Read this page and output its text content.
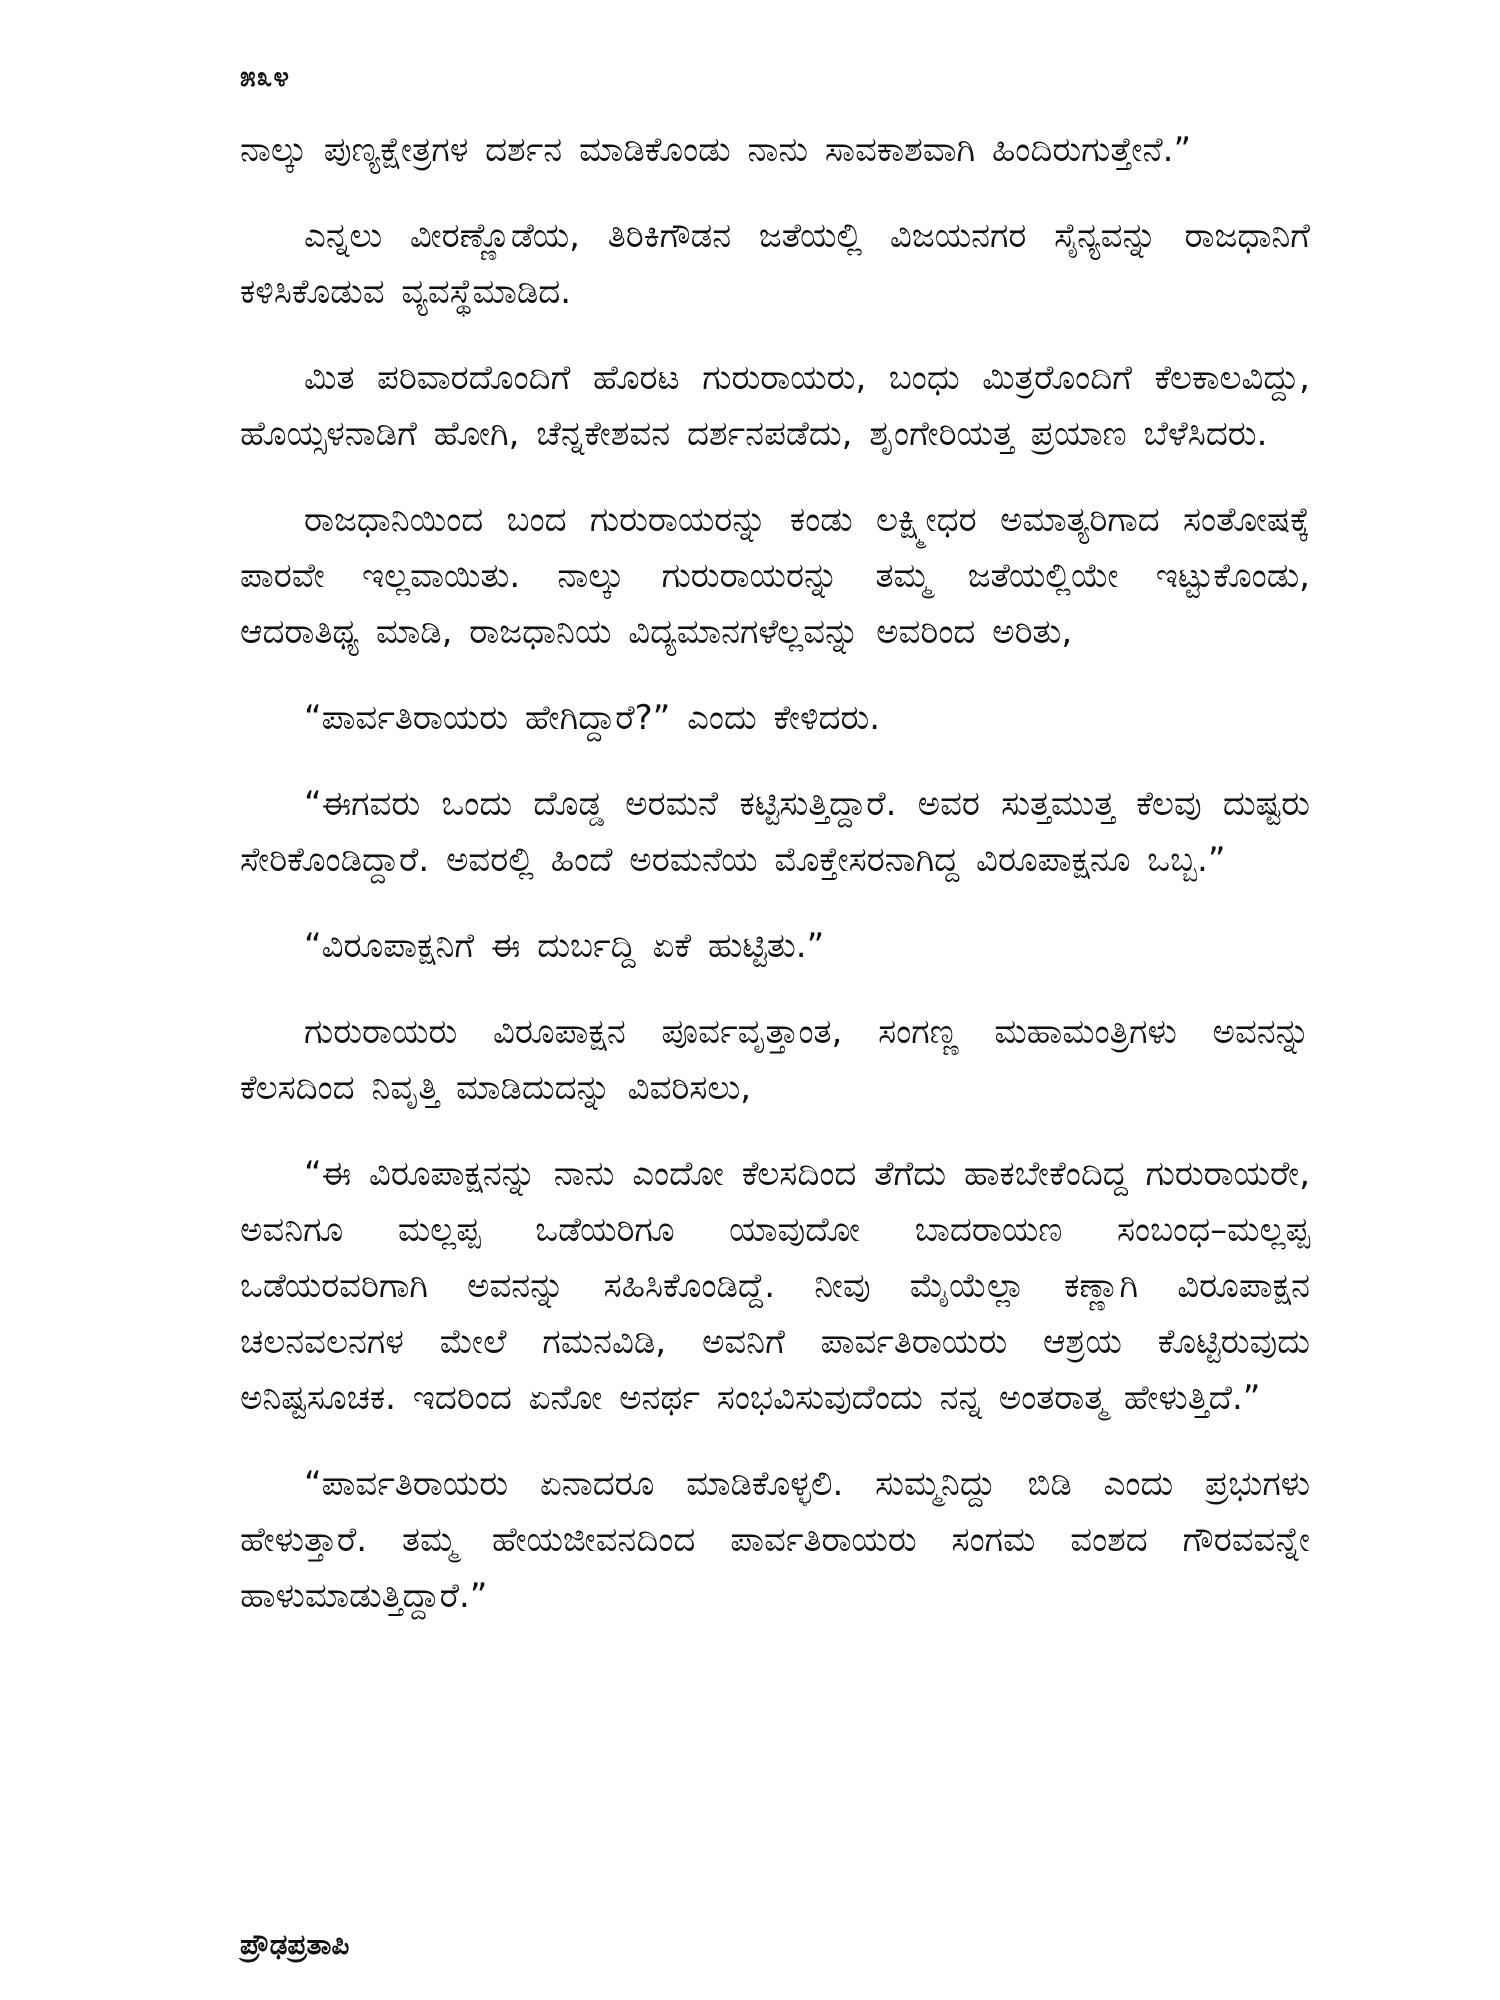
೫೩೪

ನಾಲ್ಕು ಪುಣ್ಯಕ್ಷೇತ್ರಗಳ ದರ್ಶನ ಮಾಡಿಕೊಂಡು ನಾನು ಸಾವಕಾಶವಾಗಿ ಹಿಂದಿರುಗುತ್ತೇನೆ.”

ಎನ್ನಲು ವೀರಣ್ಣೊಡೆಯ, ತಿರಿಕಿಗೌಡನ ಜತೆಯಲ್ಲಿ ವಿಜಯನಗರ ಸೈನ್ಯವನ್ನು ರಾಜಧಾನಿಗೆ ಕಳಿಸಿಕೊಡುವ ವ್ಯವಸ್ಥೆಮಾಡಿದ.

ಮಿತ ಪರಿವಾರದೊಂದಿಗೆ ಹೊರಟ ಗುರುರಾಯರು, ಬಂಧು ಮಿತ್ರರೊಂದಿಗೆ ಕೆಲಕಾಲವಿದ್ದು, ಹೊಯ್ಸಳನಾಡಿಗೆ ಹೋಗಿ, ಚೆನ್ನಕೇಶವನ ದರ್ಶನಪಡೆದು, ಶೃಂಗೇರಿಯತ್ತ ಪ್ರಯಾಣ ಬೆಳೆಸಿದರು.

ರಾಜಧಾನಿಯಿಂದ ಬಂದ ಗುರುರಾಯರನ್ನು ಕಂಡು ಲಕ್ಷ್ಮೀಧರ ಅಮಾತ್ಯರಿಗಾದ ಸಂತೋಷಕ್ಕೆ ಪಾರವೇ ಇಲ್ಲವಾಯಿತು. ನಾಲ್ಕು ಗುರುರಾಯರನ್ನು ತಮ್ಮ ಜತೆಯಲ್ಲಿಯೇ ಇಟ್ಟುಕೊಂಡು, ಆದರಾತಿಥ್ಯ ಮಾಡಿ, ರಾಜಧಾನಿಯ ವಿದ್ಯಮಾನಗಳೆಲ್ಲವನ್ನು ಅವರಿಂದ ಅರಿತು,

“ಪಾರ್ವತಿರಾಯರು ಹೇಗಿದ್ದಾರೆ?” ಎಂದು ಕೇಳಿದರು.

“ಈಗವರು ಒಂದು ದೊಡ್ಡ ಅರಮನೆ ಕಟ್ಟಿಸುತ್ತಿದ್ದಾರೆ. ಅವರ ಸುತ್ತಮುತ್ತ ಕೆಲವು ದುಷ್ಟರು ಸೇರಿಕೊಂಡಿದ್ದಾರೆ. ಅವರಲ್ಲಿ ಹಿಂದೆ ಅರಮನೆಯ ಮೊಕ್ತೇಸರನಾಗಿದ್ದ ವಿರೂಪಾಕ್ಷನೂ ಒಬ್ಬ.”

“ವಿರೂಪಾಕ್ಷನಿಗೆ ಈ ದುರ್ಬದ್ದಿ ಏಕೆ ಹುಟ್ಟಿತು.”

ಗುರುರಾಯರು ವಿರೂಪಾಕ್ಷನ ಪೂರ್ವವೃತ್ತಾಂತ, ಸಂಗಣ್ಣ ಮಹಾಮಂತ್ರಿಗಳು ಅವನನ್ನು ಕೆಲಸದಿಂದ ನಿವೃತ್ತಿ ಮಾಡಿದುದನ್ನು ವಿವರಿಸಲು,

“ಈ ವಿರೂಪಾಕ್ಷನನ್ನು ನಾನು ಎಂದೋ ಕೆಲಸದಿಂದ ತೆಗೆದು ಹಾಕಬೇಕೆಂದಿದ್ದ ಗುರುರಾಯರೇ, ಅವನಿಗೂ ಮಲ್ಲಪ್ಪ ಒಡೆಯರಿಗೂ ಯಾವುದೋ ಬಾದರಾಯಣ ಸಂಬಂಧ–ಮಲ್ಲಪ್ಪ ಒಡೆಯರವರಿಗಾಗಿ ಅವನನ್ನು ಸಹಿಸಿಕೊಂಡಿದ್ದೆ. ನೀವು ಮೈಯೆಲ್ಲಾ ಕಣ್ಣಾಗಿ ವಿರೂಪಾಕ್ಷನ ಚಲನವಲನಗಳ ಮೇಲೆ ಗಮನವಿಡಿ, ಅವನಿಗೆ ಪಾರ್ವತಿರಾಯರು ಆಶ್ರಯ ಕೊಟ್ಟಿರುವುದು ಅನಿಷ್ಟಸೂಚಕ. ಇದರಿಂದ ಏನೋ ಅನರ್ಥ ಸಂಭವಿಸುವುದೆಂದು ನನ್ನ ಅಂತರಾತ್ಮ ಹೇಳುತ್ತಿದೆ.”

“ಪಾರ್ವತಿರಾಯರು ಏನಾದರೂ ಮಾಡಿಕೊಳ್ಳಲಿ. ಸುಮ್ಮನಿದ್ದು ಬಿಡಿ ಎಂದು ಪ್ರಭುಗಳು ಹೇಳುತ್ತಾರೆ. ತಮ್ಮ ಹೇಯಜೀವನದಿಂದ ಪಾರ್ವತಿರಾಯರು ಸಂಗಮ ವಂಶದ ಗೌರವವನ್ನೇ ಹಾಳುಮಾಡುತ್ತಿದ್ದಾರೆ.”

ಪ್ರೌಢಪ್ರತಾಪಿ
